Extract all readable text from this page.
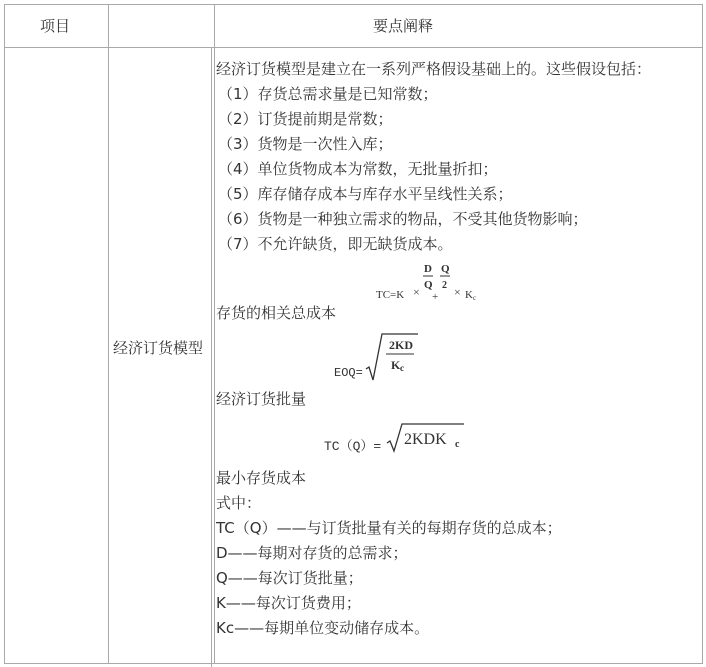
项目	要点阐释
经济订货模型
经济订货模型是建立在一系列严格假设基础上的。这些假设包括：
（1）存货总需求量是已知常数；
（2）订货提前期是常数；
（3）货物是一次性入库；
（4）单位货物成本为常数，无批量折扣；
（5）库存储存成本与库存水平呈线性关系；
（6）货物是一种独立需求的物品，不受其他货物影响；
（7）不允许缺货，即无缺货成本。
TC=K ×
D
Q
+
Q
2 × K c
存货的相关总成本
EOQ=
2KD
K c
经济订货批量
TC（Q）= 2KDK c
最小存货成本
式中：
TC（Q）——与订货批量有关的每期存货的总成本；
D——每期对存货的总需求；
Q——每次订货批量；
K——每次订货费用；
Kc——每期单位变动储存成本。
